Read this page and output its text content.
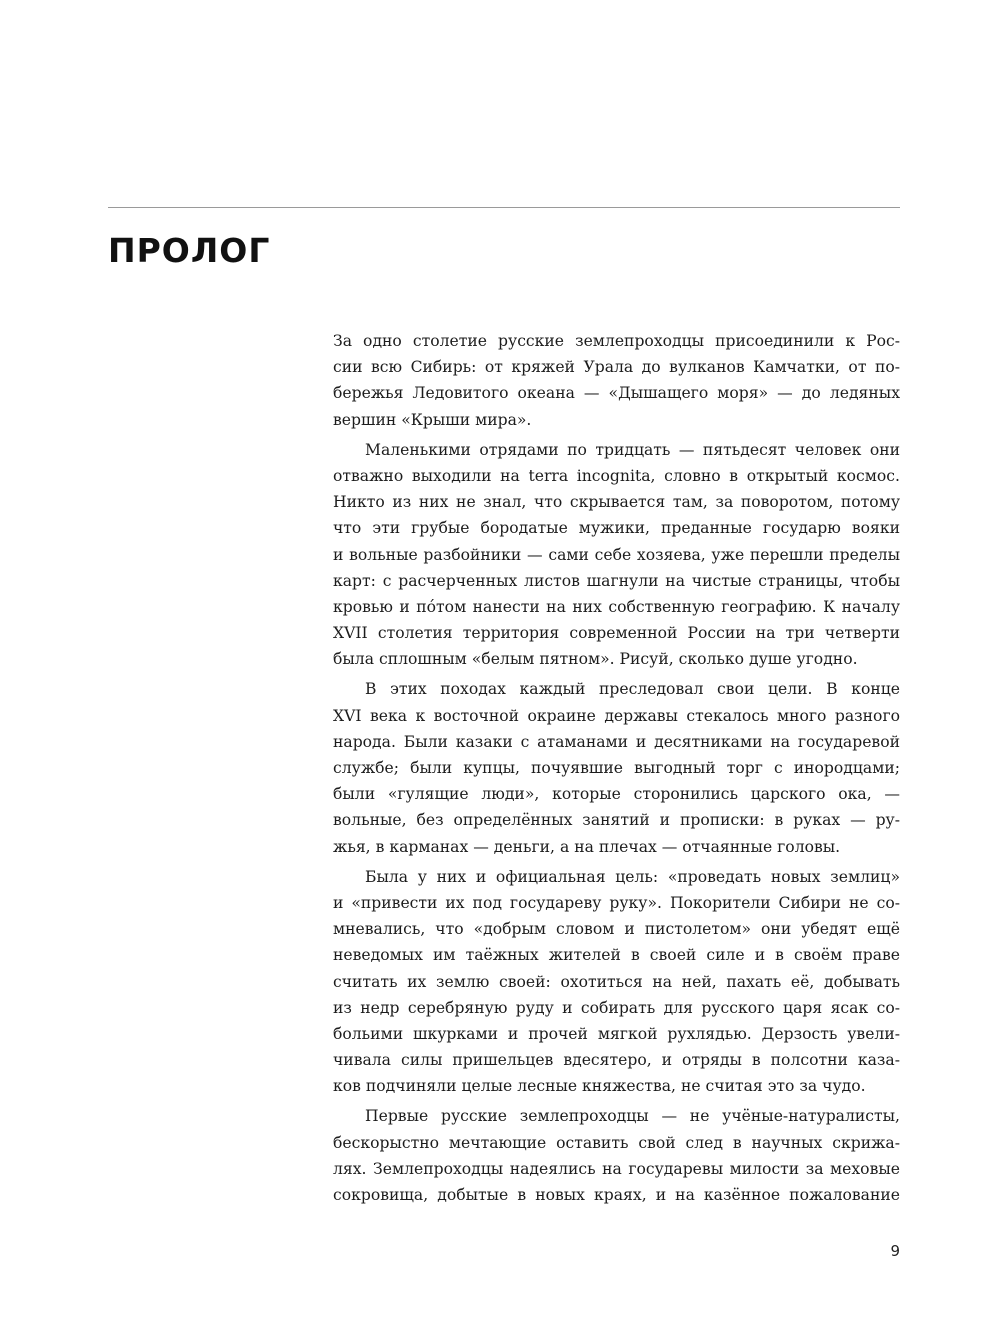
ПРОЛОГ
За одно столетие русские землепроходцы присоединили к Рос-
сии всю Сибирь: от кряжей Урала до вулканов Камчатки, от по-
бережья Ледовитого океана — «Дышащего моря» — до ледяных
вершин «Крыши мира».
Маленькими отрядами по тридцать — пятьдесят человек они
отважно выходили на terra incognita, словно в открытый космос.
Никто из них не знал, что скрывается там, за поворотом, потому
что эти грубые бородатые мужики, преданные государю вояки
и вольные разбойники — сами себе хозяева, уже перешли пределы
карт: с расчерченных листов шагнули на чистые страницы, чтобы
кровью и пóтом нанести на них собственную географию. К началу
XVII столетия территория современной России на три четверти
была сплошным «белым пятном». Рисуй, сколько душе угодно.
В этих походах каждый преследовал свои цели. В конце
XVI века к восточной окраине державы стекалось много разного
народа. Были казаки с атаманами и десятниками на государевой
службе; были купцы, почуявшие выгодный торг с инородцами;
были «гулящие люди», которые сторонились царского ока, —
вольные, без определённых занятий и прописки: в руках — ру-
жья, в карманах — деньги, а на плечах — отчаянные головы.
Была у них и официальная цель: «проведать новых землиц»
и «привести их под государеву руку». Покорители Сибири не со-
мневались, что «добрым словом и пистолетом» они убедят ещё
неведомых им таёжных жителей в своей силе и в своём праве
считать их землю своей: охотиться на ней, пахать её, добывать
из недр серебряную руду и собирать для русского царя ясак со-
больими шкурками и прочей мягкой рухлядью. Дерзость увели-
чивала силы пришельцев вдесятеро, и отряды в полсотни каза-
ков подчиняли целые лесные княжества, не считая это за чудо.
Первые русские землепроходцы — не учёные-натуралисты,
бескорыстно мечтающие оставить свой след в научных скрижа-
лях. Землепроходцы надеялись на государевы милости за меховые
сокровища, добытые в новых краях, и на казённое пожалование
9
